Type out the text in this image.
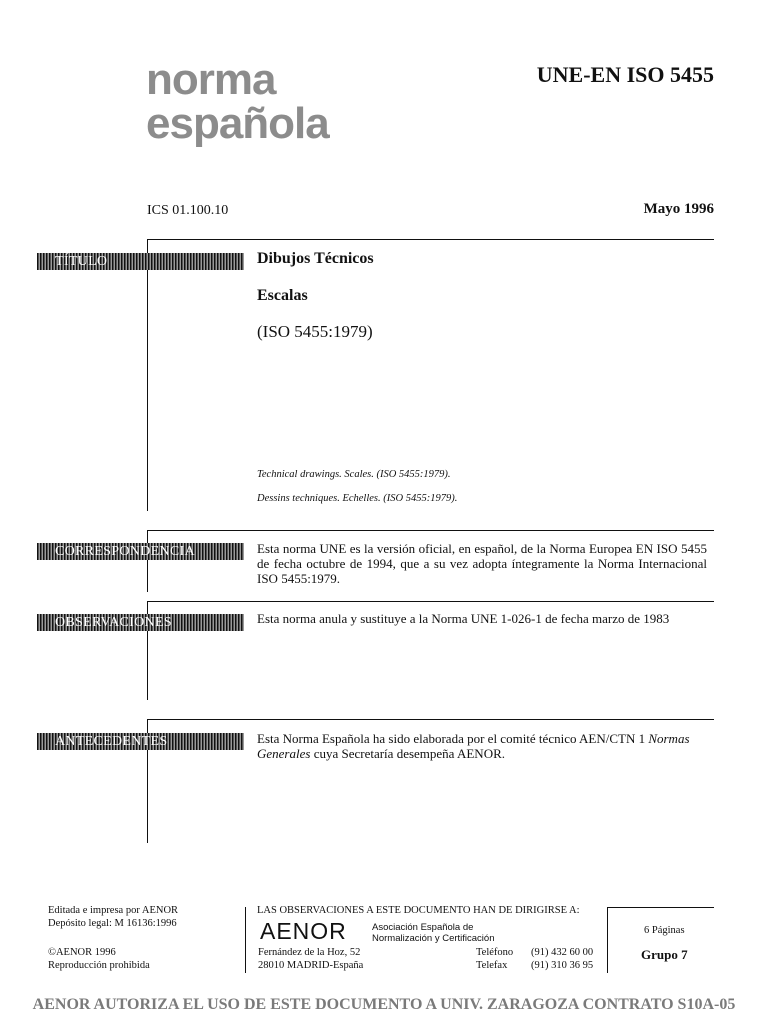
norma
española
UNE-EN ISO 5455
ICS 01.100.10	Mayo 1996
TÍTULO	Dibujos Técnicos
Escalas
(ISO 5455:1979)
Technical drawings. Scales. (ISO 5455:1979).
Dessins techniques. Echelles. (ISO 5455:1979).
CORRESPONDENCIA	Esta norma UNE es la versión oficial, en español, de la Norma Europea EN ISO 5455 de fecha octubre de 1994, que a su vez adopta íntegramente la Norma Internacional ISO 5455:1979.
OBSERVACIONES	Esta norma anula y sustituye a la Norma UNE 1-026-1 de fecha marzo de 1983
ANTECEDENTES	Esta Norma Española ha sido elaborada por el comité técnico AEN/CTN 1 Normas Generales cuya Secretaría desempeña AENOR.
Editada e impresa por AENOR
Depósito legal: M 16136:1996
©AENOR 1996
Reproducción prohibida
LAS OBSERVACIONES A ESTE DOCUMENTO HAN DE DIRIGIRSE A:
AENOR	Asociación Española de
Normalización y Certificación
Fernández de la Hoz, 52
28010 MADRID-España
Teléfono (91) 432 60 00
Telefax (91) 310 36 95
6 Páginas
Grupo 7
AENOR AUTORIZA EL USO DE ESTE DOCUMENTO A UNIV. ZARAGOZA CONTRATO S10A-05
